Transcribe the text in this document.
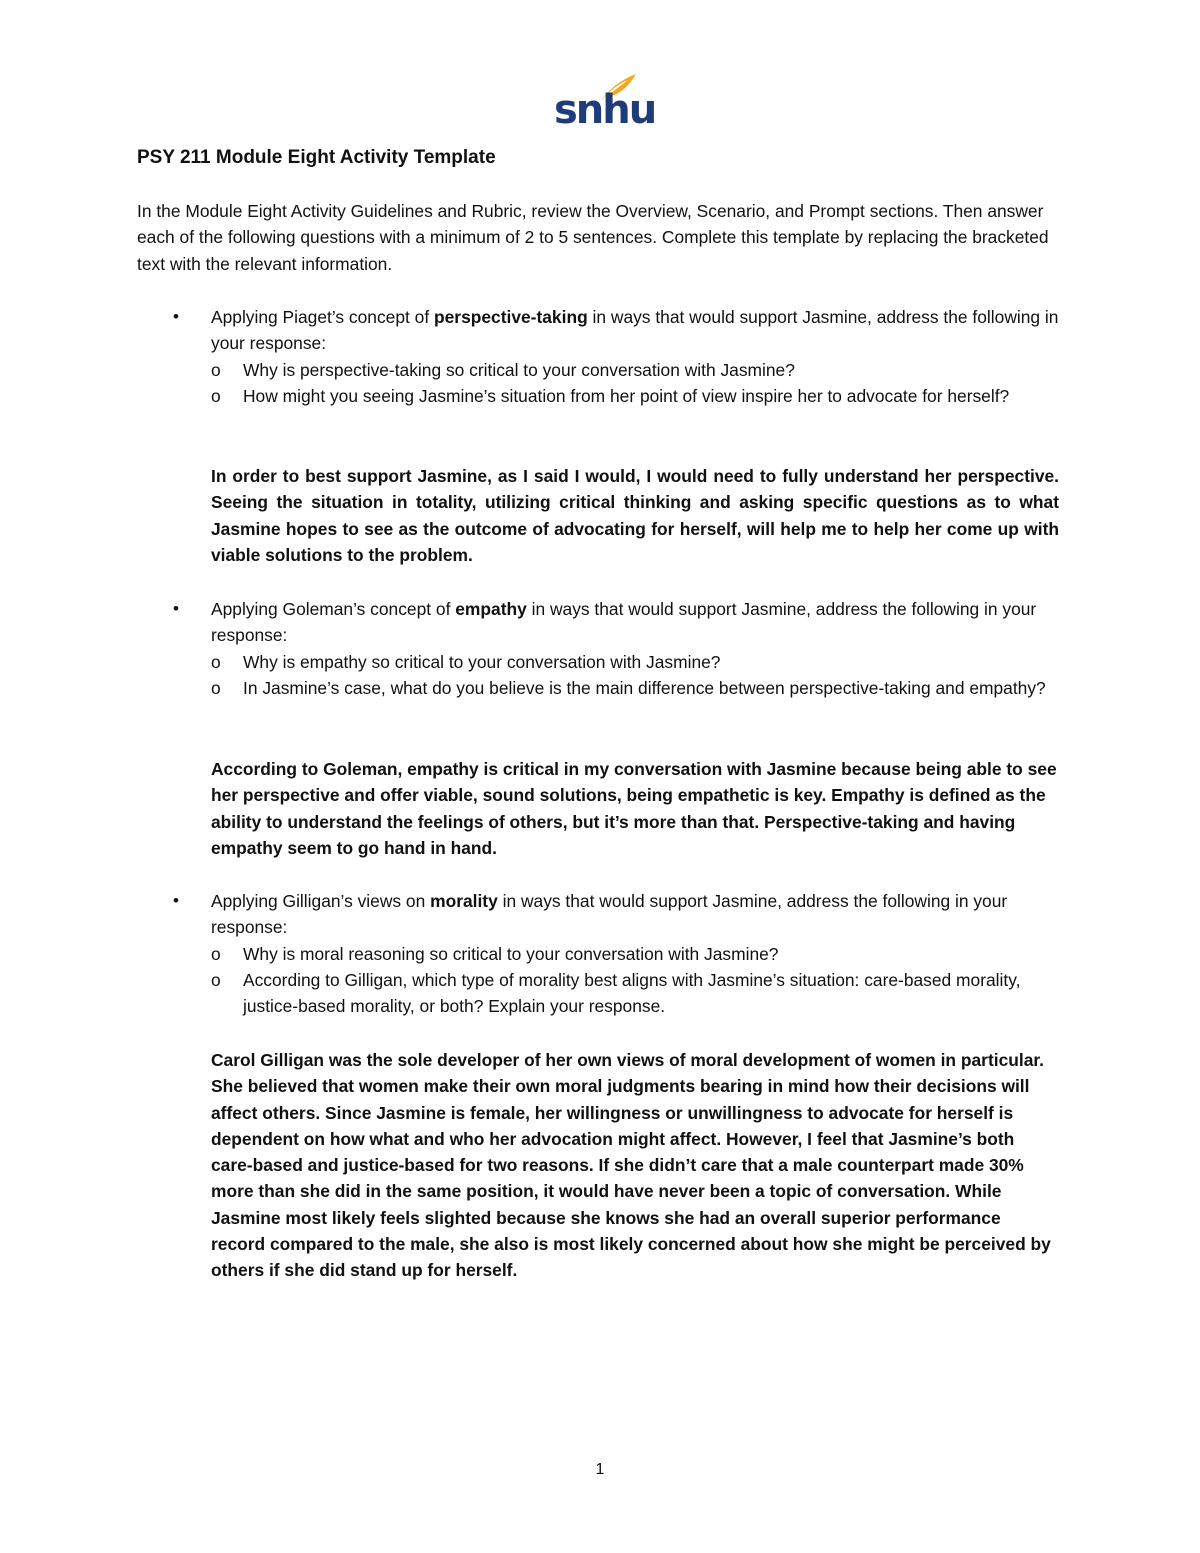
snhu
PSY 211 Module Eight Activity Template
In the Module Eight Activity Guidelines and Rubric, review the Overview, Scenario, and Prompt sections. Then answer each of the following questions with a minimum of 2 to 5 sentences. Complete this template by replacing the bracketed text with the relevant information.
• Applying Piaget’s concept of perspective-taking in ways that would support Jasmine, address the following in your response:
o Why is perspective-taking so critical to your conversation with Jasmine?
o How might you seeing Jasmine’s situation from her point of view inspire her to advocate for herself?
In order to best support Jasmine, as I said I would, I would need to fully understand her perspective. Seeing the situation in totality, utilizing critical thinking and asking specific questions as to what Jasmine hopes to see as the outcome of advocating for herself, will help me to help her come up with viable solutions to the problem.
• Applying Goleman’s concept of empathy in ways that would support Jasmine, address the following in your response:
o Why is empathy so critical to your conversation with Jasmine?
o In Jasmine’s case, what do you believe is the main difference between perspective-taking and empathy?
According to Goleman, empathy is critical in my conversation with Jasmine because being able to see her perspective and offer viable, sound solutions, being empathetic is key. Empathy is defined as the ability to understand the feelings of others, but it’s more than that. Perspective-taking and having empathy seem to go hand in hand.
• Applying Gilligan’s views on morality in ways that would support Jasmine, address the following in your response:
o Why is moral reasoning so critical to your conversation with Jasmine?
o According to Gilligan, which type of morality best aligns with Jasmine’s situation: care-based morality, justice-based morality, or both? Explain your response.
Carol Gilligan was the sole developer of her own views of moral development of women in particular. She believed that women make their own moral judgments bearing in mind how their decisions will affect others. Since Jasmine is female, her willingness or unwillingness to advocate for herself is dependent on how what and who her advocation might affect. However, I feel that Jasmine’s both care-based and justice-based for two reasons. If she didn’t care that a male counterpart made 30% more than she did in the same position, it would have never been a topic of conversation. While Jasmine most likely feels slighted because she knows she had an overall superior performance record compared to the male, she also is most likely concerned about how she might be perceived by others if she did stand up for herself.
1
